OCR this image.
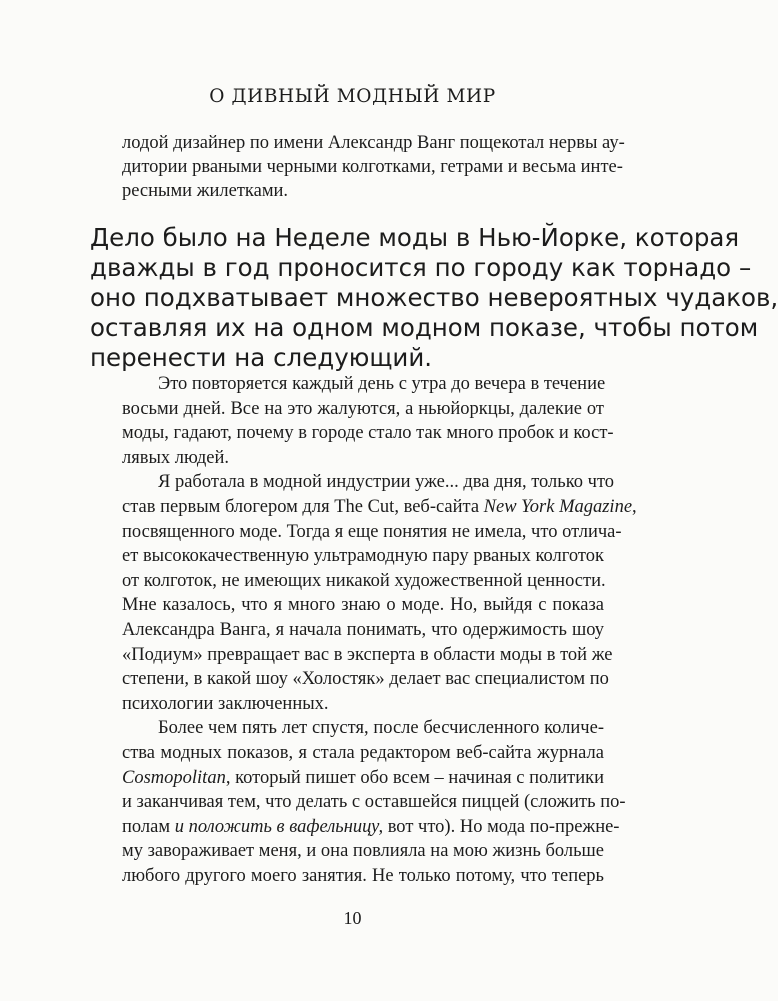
О ДИВНЫЙ МОДНЫЙ МИР
лодой дизайнер по имени Александр Ванг пощекотал нервы ау-
дитории рваными черными колготками, гетрами и весьма инте-
ресными жилетками.
Дело было на Неделе моды в Нью-Йорке, которая
дважды в год проносится по городу как торнадо –
оно подхватывает множество невероятных чудаков,
оставляя их на одном модном показе, чтобы потом
перенести на следующий.
Это повторяется каждый день с утра до вечера в течение
восьми дней. Все на это жалуются, а ньюйоркцы, далекие от
моды, гадают, почему в городе стало так много пробок и кост-
лявых людей.
Я работала в модной индустрии уже... два дня, только что
став первым блогером для The Cut, веб-сайта New York Magazine,
посвященного моде. Тогда я еще понятия не имела, что отлича-
ет высококачественную ультрамодную пару рваных колготок
от колготок, не имеющих никакой художественной ценности.
Мне казалось, что я много знаю о моде. Но, выйдя с показа
Александра Ванга, я начала понимать, что одержимость шоу
«Подиум» превращает вас в эксперта в области моды в той же
степени, в какой шоу «Холостяк» делает вас специалистом по
психологии заключенных.
Более чем пять лет спустя, после бесчисленного количе-
ства модных показов, я стала редактором веб-сайта журнала
Cosmopolitan, который пишет обо всем – начиная с политики
и заканчивая тем, что делать с оставшейся пиццей (сложить по-
полам и положить в вафельницу, вот что). Но мода по-прежне-
му завораживает меня, и она повлияла на мою жизнь больше
любого другого моего занятия. Не только потому, что теперь
10
